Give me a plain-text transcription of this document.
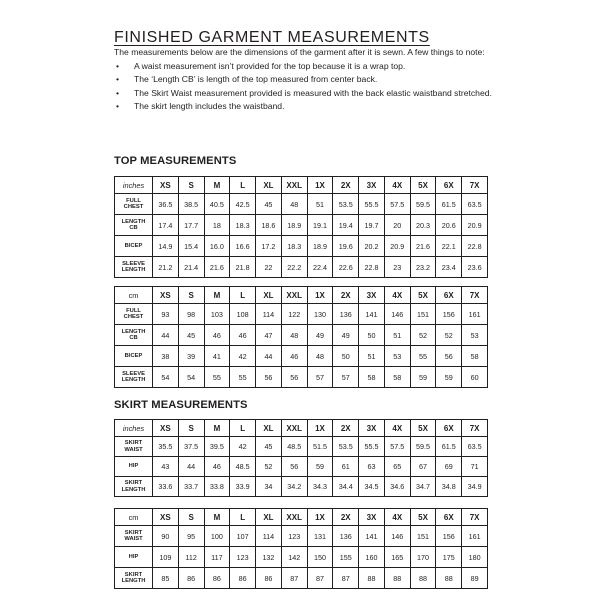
FINISHED GARMENT MEASUREMENTS

The measurements below are the dimensions of the garment after it is sewn. A few things to note:

• A waist measurement isn’t provided for the top because it is a wrap top.
• The ‘Length CB’ is length of the top measured from center back.
• The Skirt Waist measurement provided is measured with the back elastic waistband stretched.
• The skirt length includes the waistband.
TOP MEASUREMENTS
inches	XS	S	M	L	XL	XXL	1X	2X	3X	4X	5X	6X	7X

FULL
CHEST	36.5	38.5	40.5	42.5	45	48	51	53.5	55.5	57.5	59.5	61.5	63.5

LENGTH
CB	17.4	17.7	18	18.3	18.6	18.9	19.1	19.4	19.7	20	20.3	20.6	20.9

BICEP	14.9	15.4	16.0	16.6	17.2	18.3	18.9	19.6	20.2	20.9	21.6	22.1	22.8

SLEEVE
LENGTH	21.2	21.4	21.6	21.8	22	22.2	22.4	22.6	22.8	23	23.2	23.4	23.6
cm	XS	S	M	L	XL	XXL	1X	2X	3X	4X	5X	6X	7X

FULL
CHEST	93	98	103	108	114	122	130	136	141	146	151	156	161

LENGTH
CB	44	45	46	46	47	48	49	49	50	51	52	52	53

BICEP	38	39	41	42	44	46	48	50	51	53	55	56	58

SLEEVE
LENGTH	54	54	55	55	56	56	57	57	58	58	59	59	60
SKIRT MEASUREMENTS
inches	XS	S	M	L	XL	XXL	1X	2X	3X	4X	5X	6X	7X

SKIRT
WAIST	35.5	37.5	39.5	42	45	48.5	51.5	53.5	55.5	57.5	59.5	61.5	63.5

HIP	43	44	46	48.5	52	56	59	61	63	65	67	69	71

SKIRT
LENGTH	33.6	33.7	33.8	33.9	34	34.2	34.3	34.4	34.5	34.6	34.7	34.8	34.9
cm	XS	S	M	L	XL	XXL	1X	2X	3X	4X	5X	6X	7X

SKIRT
WAIST	90	95	100	107	114	123	131	136	141	146	151	156	161

HIP	109	112	117	123	132	142	150	155	160	165	170	175	180

SKIRT
LENGTH	85	86	86	86	86	87	87	87	88	88	88	88	89
